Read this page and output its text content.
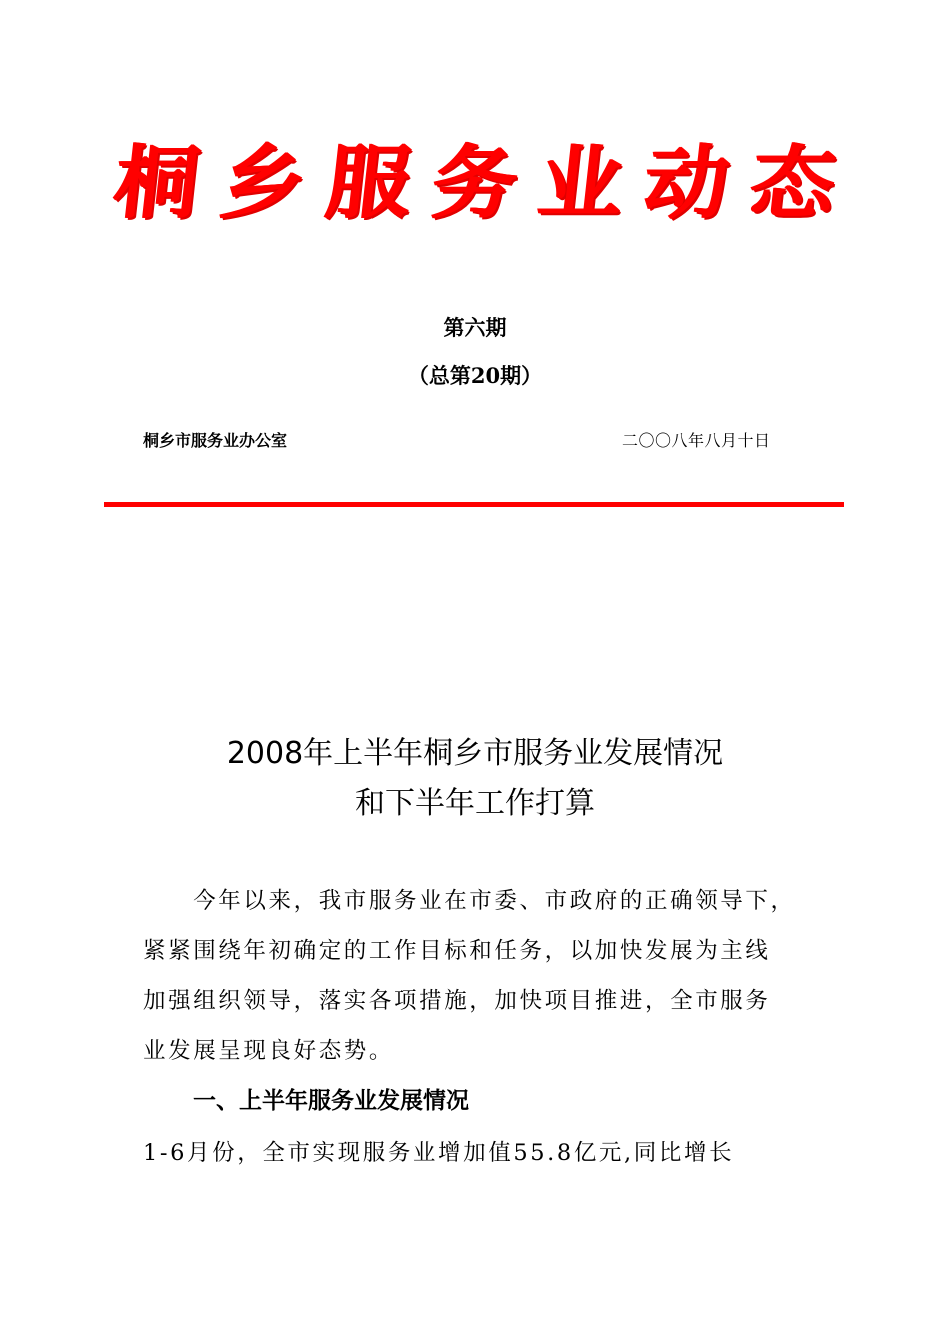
桐乡服务业动态
第六期
（总第20期）
桐乡市服务业办公室	二〇〇八年八月十日
2008年上半年桐乡市服务业发展情况
和下半年工作打算
　　今年以来，我市服务业在市委、市政府的正确领导下，
紧紧围绕年初确定的工作目标和任务，以加快发展为主线
加强组织领导，落实各项措施，加快项目推进，全市服务
业发展呈现良好态势。
一、上半年服务业发展情况
1-6月份，全市实现服务业增加值55.8亿元,同比增长
